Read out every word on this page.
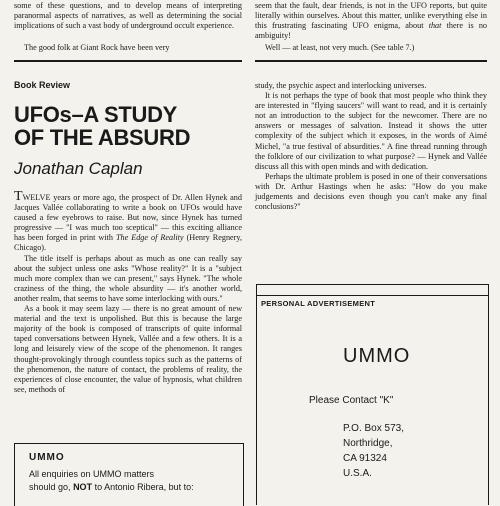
some of these questions, and to develop means of interpreting paranormal aspects of narratives, as well as determining the social implications of such a vast body of underground occult experience.

The good folk at Giant Rock have been very

seem that the fault, dear friends, is not in the UFO reports, but quite literally within ourselves. About this matter, unlike everything else in this frustrating fascinating UFO enigma, about that there is no ambiguity!

Well — at least, not very much. (See table 7.)

Book Review

UFOs–A STUDY

OF THE ABSURD

Jonathan Caplan

TWELVE years or more ago, the prospect of Dr. Allen Hynek and Jacques Vallée collaborating to write a book on UFOs would have caused a few eyebrows to raise. But now, since Hynek has turned progressive — "I was much too sceptical" — this exciting alliance has been forged in print with The Edge of Reality (Henry Regnery, Chicago).

The title itself is perhaps about as much as one can really say about the subject unless one asks "Whose reality?" It is a "subject much more complex than we can present," says Hynek. "The whole craziness of the thing, the whole absurdity — it's another world, another realm, that seems to have some interlocking with ours."

As a book it may seem lazy — there is no great amount of new material and the text is unpolished. But this is because the large majority of the book is composed of transcripts of quite informal taped conversations between Hynek, Vallée and a few others. It is a long and leisurely view of the scope of the phenomenon. It ranges thought-provokingly through countless topics such as the patterns of the phenomenon, the nature of contact, the problems of reality, the experiences of close encounter, the value of hypnosis, what children see, methods of

study, the psychic aspect and interlocking universes.

It is not perhaps the type of book that most people who think they are interested in "flying saucers" will want to read, and it is certainly not an introduction to the subject for the newcomer. There are no answers or messages of salvation. Instead it shows the utter complexity of the subject which it exposes, in the words of Aimé Michel, "a true festival of absurdities." A fine thread running through the folklore of our civilization to what purpose? — Hynek and Vallée discuss all this with open minds and with dedication.

Perhaps the ultimate problem is posed in one of their conversations with Dr. Arthur Hastings when he asks: "How do you make judgements and decisions even though you can't make any final conclusions?"

UMMO
All enquiries on UMMO matters
should go, NOT to Antonio Ribera, but to:
PERSONAL ADVERTISEMENT
UMMO
Please Contact "K"
P.O. Box 573,
Northridge,
CA 91324
U.S.A.
